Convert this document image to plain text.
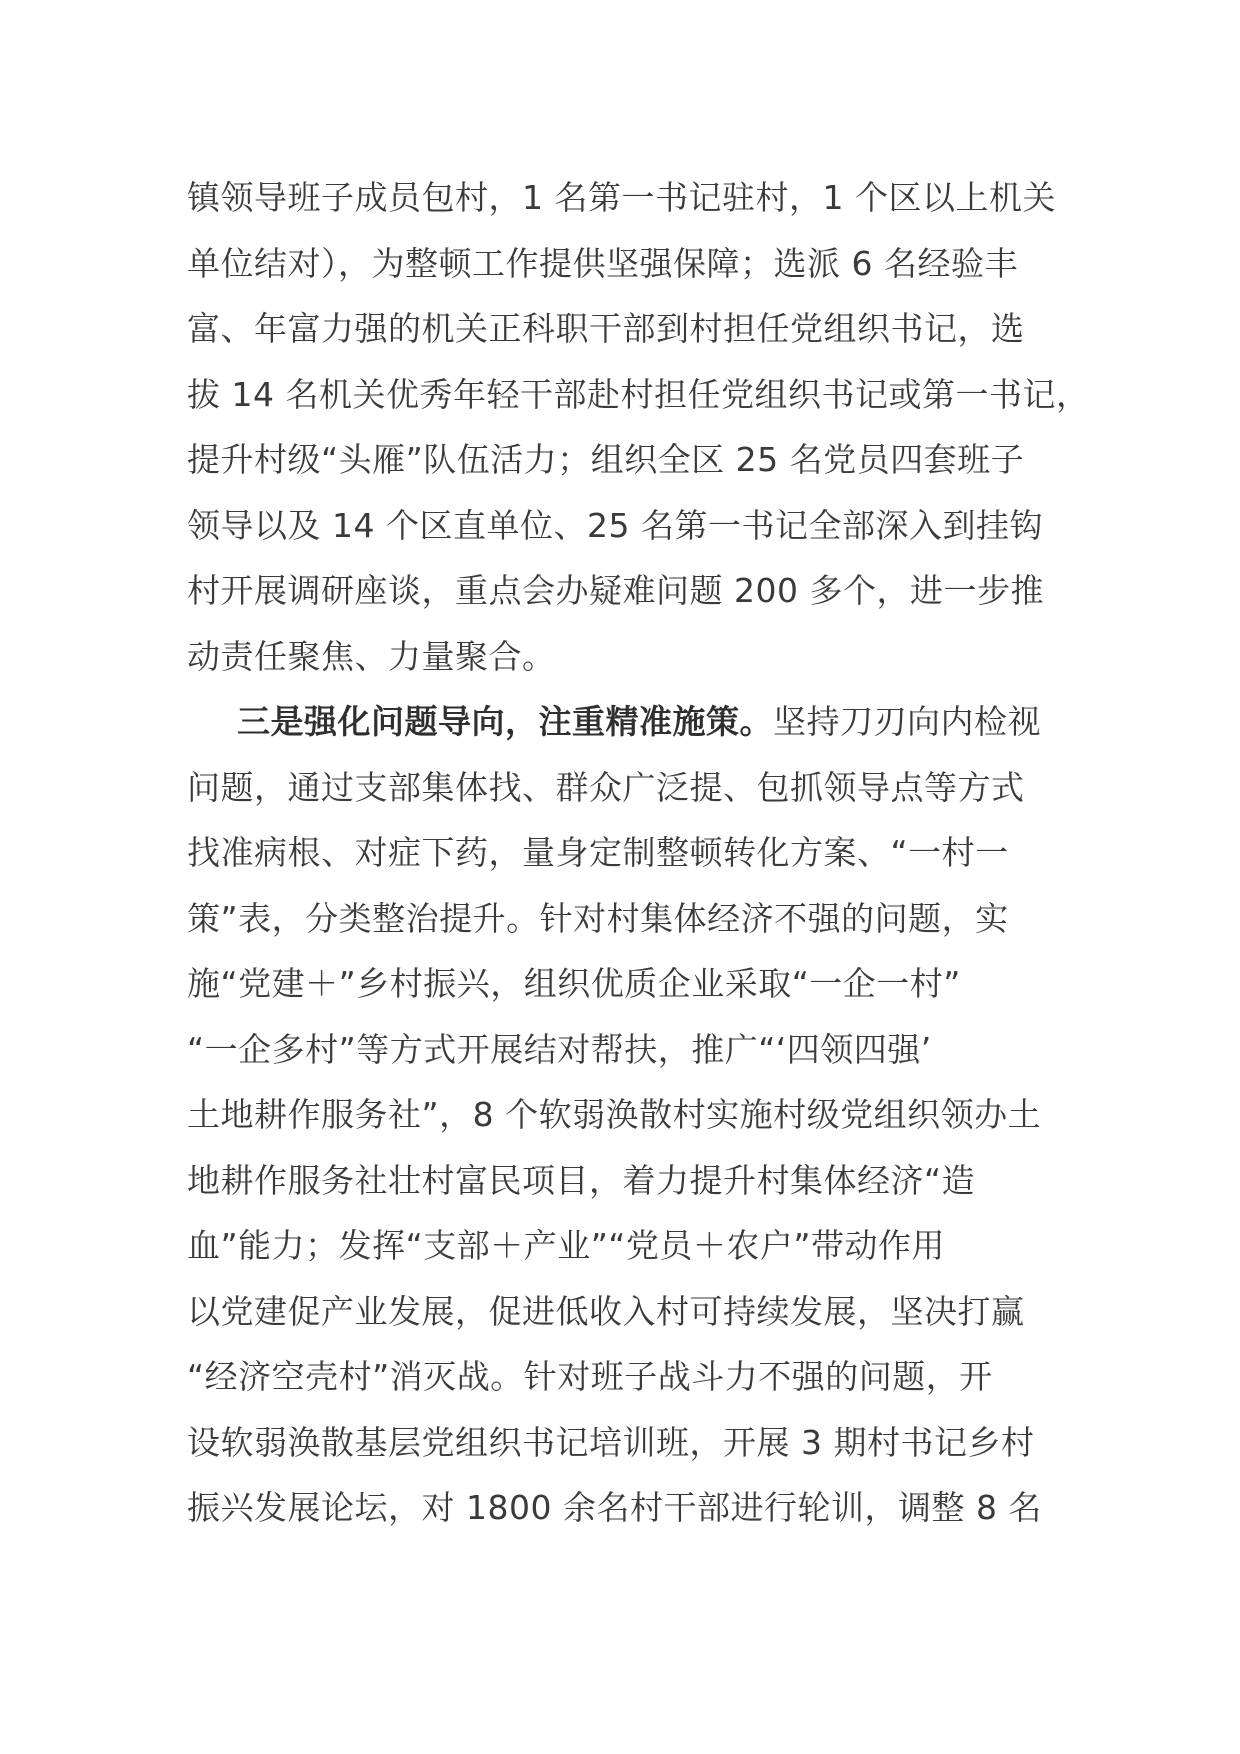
镇领导班子成员包村，1 名第一书记驻村，1 个区以上机关
单位结对），为整顿工作提供坚强保障；选派 6 名经验丰
富、年富力强的机关正科职干部到村担任党组织书记，选
拔 14 名机关优秀年轻干部赴村担任党组织书记或第一书记，
提升村级“头雁”队伍活力；组织全区 25 名党员四套班子
领导以及 14 个区直单位、25 名第一书记全部深入到挂钩
村开展调研座谈，重点会办疑难问题 200 多个，进一步推
动责任聚焦、力量聚合。
三是强化问题导向，注重精准施策。坚持刀刃向内检视
问题，通过支部集体找、群众广泛提、包抓领导点等方式
找准病根、对症下药，量身定制整顿转化方案、“一村一
策”表，分类整治提升。针对村集体经济不强的问题，实
施“党建＋”乡村振兴，组织优质企业采取“一企一村”
“一企多村”等方式开展结对帮扶，推广“‘四领四强’
土地耕作服务社”，8 个软弱涣散村实施村级党组织领办土
地耕作服务社壮村富民项目，着力提升村集体经济“造
血”能力；发挥“支部＋产业”“党员＋农户”带动作用
以党建促产业发展，促进低收入村可持续发展，坚决打赢
“经济空壳村”消灭战。针对班子战斗力不强的问题，开
设软弱涣散基层党组织书记培训班，开展 3 期村书记乡村
振兴发展论坛，对 1800 余名村干部进行轮训，调整 8 名
